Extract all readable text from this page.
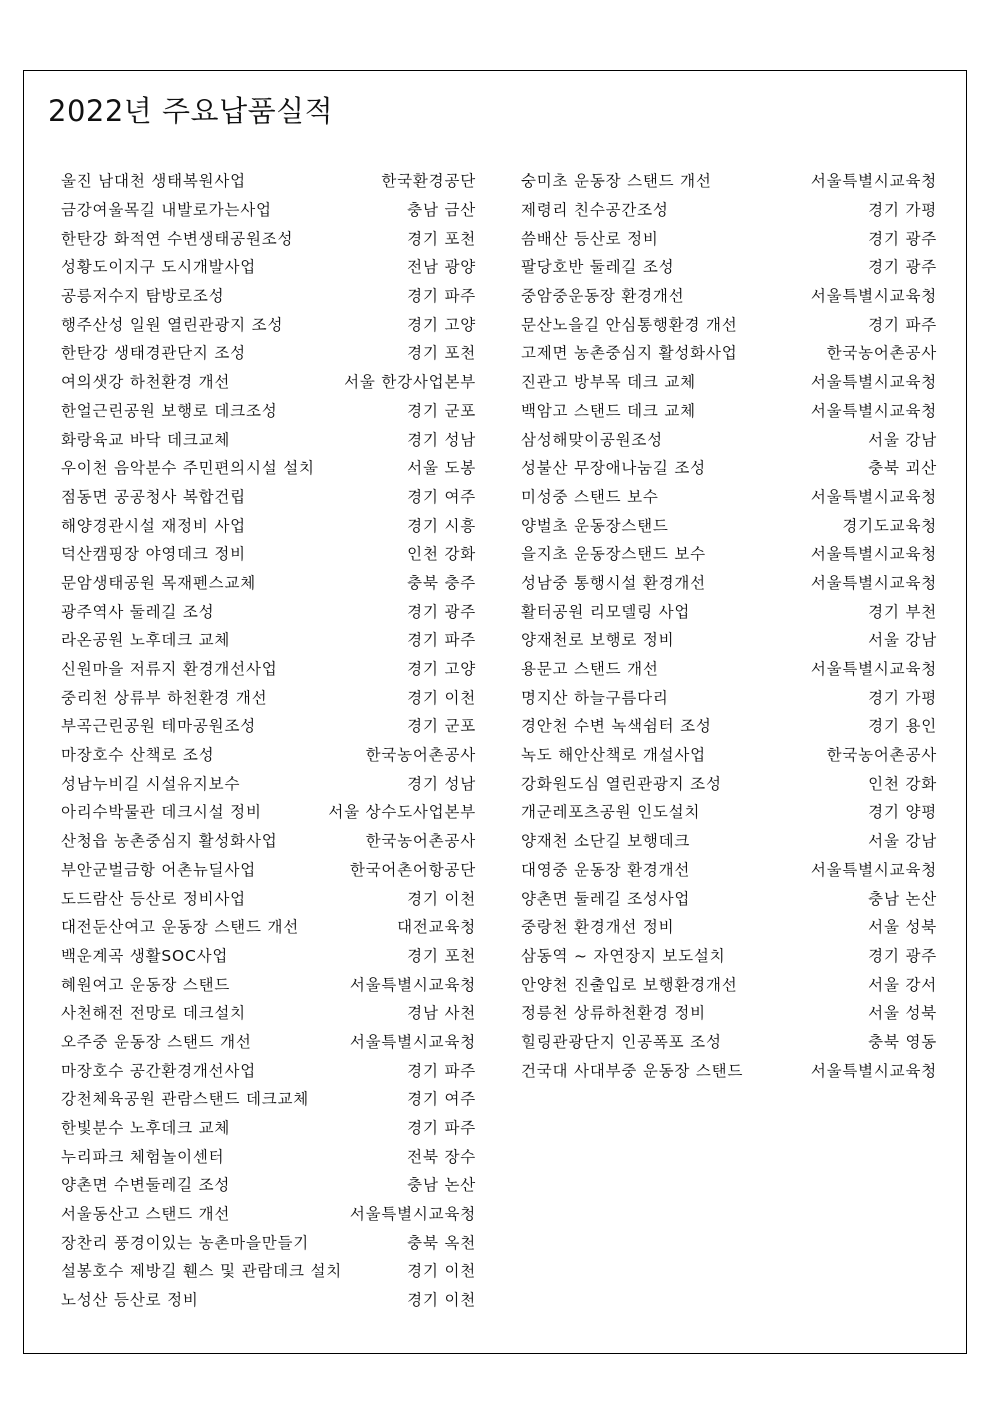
2022년 주요납품실적
울진 남대천 생태복원사업	한국환경공단
금강여울목길 내발로가는사업	충남 금산
한탄강 화적연 수변생태공원조성	경기 포천
성황도이지구 도시개발사업	전남 광양
공릉저수지 탐방로조성	경기 파주
행주산성 일원 열린관광지 조성	경기 고양
한탄강 생태경관단지 조성	경기 포천
여의샛강 하천환경 개선	서울 한강사업본부
한얼근린공원 보행로 데크조성	경기 군포
화랑육교 바닥 데크교체	경기 성남
우이천 음악분수 주민편의시설 설치	서울 도봉
점동면 공공청사 복합건립	경기 여주
해양경관시설 재정비 사업	경기 시흥
덕산캠핑장 야영데크 정비	인천 강화
문암생태공원 목재펜스교체	충북 충주
광주역사 둘레길 조성	경기 광주
라온공원 노후데크 교체	경기 파주
신원마을 저류지 환경개선사업	경기 고양
중리천 상류부 하천환경 개선	경기 이천
부곡근린공원 테마공원조성	경기 군포
마장호수 산책로 조성	한국농어촌공사
성남누비길 시설유지보수	경기 성남
아리수박물관 데크시설 정비	서울 상수도사업본부
산청읍 농촌중심지 활성화사업	한국농어촌공사
부안군벌금항 어촌뉴딜사업	한국어촌어항공단
도드람산 등산로 정비사업	경기 이천
대전둔산여고 운동장 스탠드 개선	대전교육청
백운계곡 생활SOC사업	경기 포천
혜원여고 운동장 스탠드	서울특별시교육청
사천해전 전망로 데크설치	경남 사천
오주중 운동장 스탠드 개선	서울특별시교육청
마장호수 공간환경개선사업	경기 파주
강천체육공원 관람스탠드 데크교체	경기 여주
한빛분수 노후데크 교체	경기 파주
누리파크 체험놀이센터	전북 장수
양촌면 수변둘레길 조성	충남 논산
서울동산고 스탠드 개선	서울특별시교육청
장찬리 풍경이있는 농촌마을만들기	충북 옥천
설봉호수 제방길 휀스 및 관람데크 설치	경기 이천
노성산 등산로 정비	경기 이천
숭미초 운동장 스탠드 개선	서울특별시교육청
제령리 친수공간조성	경기 가평
씀배산 등산로 정비	경기 광주
팔당호반 둘레길 조성	경기 광주
중암중운동장 환경개선	서울특별시교육청
문산노을길 안심통행환경 개선	경기 파주
고제면 농촌중심지 활성화사업	한국농어촌공사
진관고 방부목 데크 교체	서울특별시교육청
백암고 스탠드 데크 교체	서울특별시교육청
삼성해맞이공원조성	서울 강남
성불산 무장애나눔길 조성	충북 괴산
미성중 스탠드 보수	서울특별시교육청
양벌초 운동장스탠드	경기도교육청
을지초 운동장스탠드 보수	서울특별시교육청
성남중 통행시설 환경개선	서울특별시교육청
활터공원 리모델링 사업	경기 부천
양재천로 보행로 정비	서울 강남
용문고 스탠드 개선	서울특별시교육청
명지산 하늘구름다리	경기 가평
경안천 수변 녹색쉼터 조성	경기 용인
녹도 해안산책로 개설사업	한국농어촌공사
강화원도심 열린관광지 조성	인천 강화
개군레포츠공원 인도설치	경기 양평
양재천 소단길 보행데크	서울 강남
대영중 운동장 환경개선	서울특별시교육청
양촌면 둘레길 조성사업	충남 논산
중랑천 환경개선 정비	서울 성북
삼동역 ~ 자연장지 보도설치	경기 광주
안양천 진출입로 보행환경개선	서울 강서
정릉천 상류하천환경 정비	서울 성북
힐링관광단지 인공폭포 조성	충북 영동
건국대 사대부중 운동장 스탠드	서울특별시교육청
